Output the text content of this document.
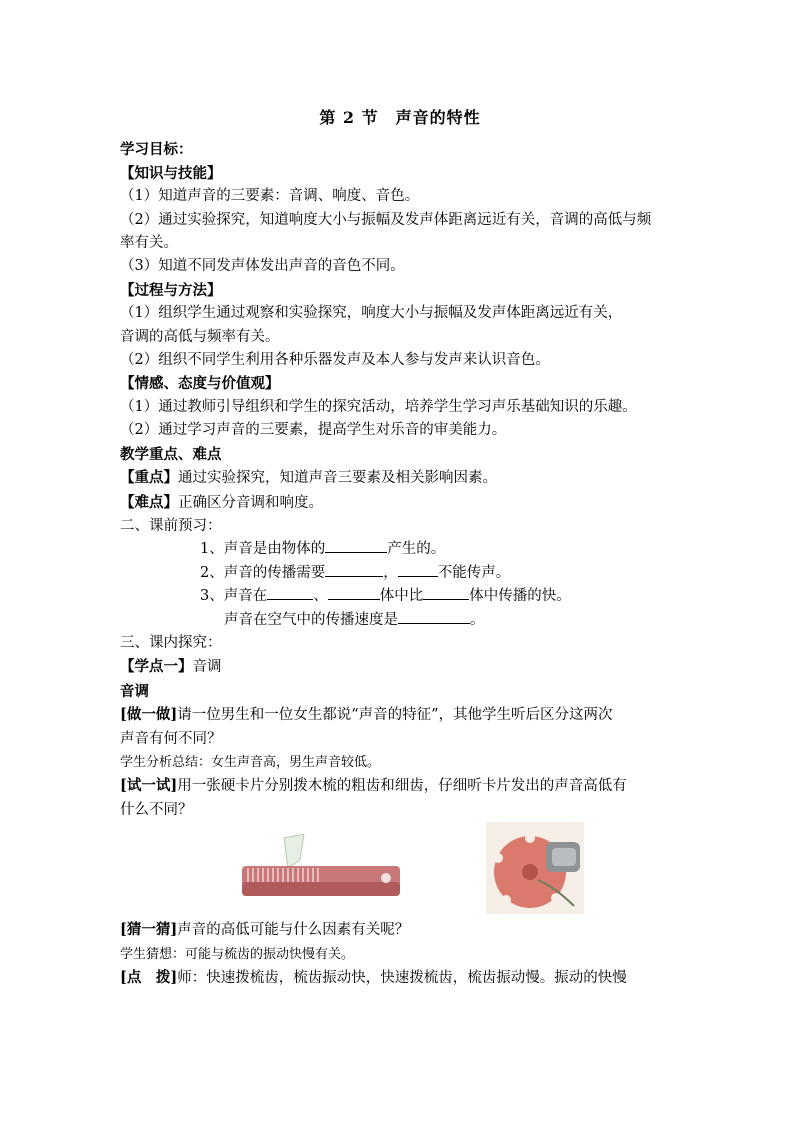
第 2 节　声音的特性
学习目标：
【知识与技能】
（1）知道声音的三要素：音调、响度、音色。
（2）通过实验探究，知道响度大小与振幅及发声体距离远近有关，音调的高低与频
率有关。
（3）知道不同发声体发出声音的音色不同。
【过程与方法】
（1）组织学生通过观察和实验探究，响度大小与振幅及发声体距离远近有关，
音调的高低与频率有关。
（2）组织不同学生利用各种乐器发声及本人参与发声来认识音色。
【情感、态度与价值观】
（1）通过教师引导组织和学生的探究活动，培养学生学习声乐基础知识的乐趣。
（2）通过学习声音的三要素，提高学生对乐音的审美能力。
教学重点、难点
【重点】通过实验探究，知道声音三要素及相关影响因素。
【难点】正确区分音调和响度。
二、课前预习：
1、声音是由物体的	产生的。
2、声音的传播需要	，	不能传声。
3、声音在	、	体中比	体中传播的快。
声音在空气中的传播速度是	。
三、课内探究：
【学点一】音调
音调
[做一做]请一位男生和一位女生都说“声音的特征”，其他学生听后区分这两次
声音有何不同？
学生分析总结：女生声音高，男生声音较低。
[试一试]用一张硬卡片分别拨木梳的粗齿和细齿，仔细听卡片发出的声音高低有
什么不同？
[猜一猜]声音的高低可能与什么因素有关呢？
学生猜想：可能与梳齿的振动快慢有关。
[点　拨]师：快速拨梳齿，梳齿振动快，快速拨梳齿，梳齿振动慢。振动的快慢
